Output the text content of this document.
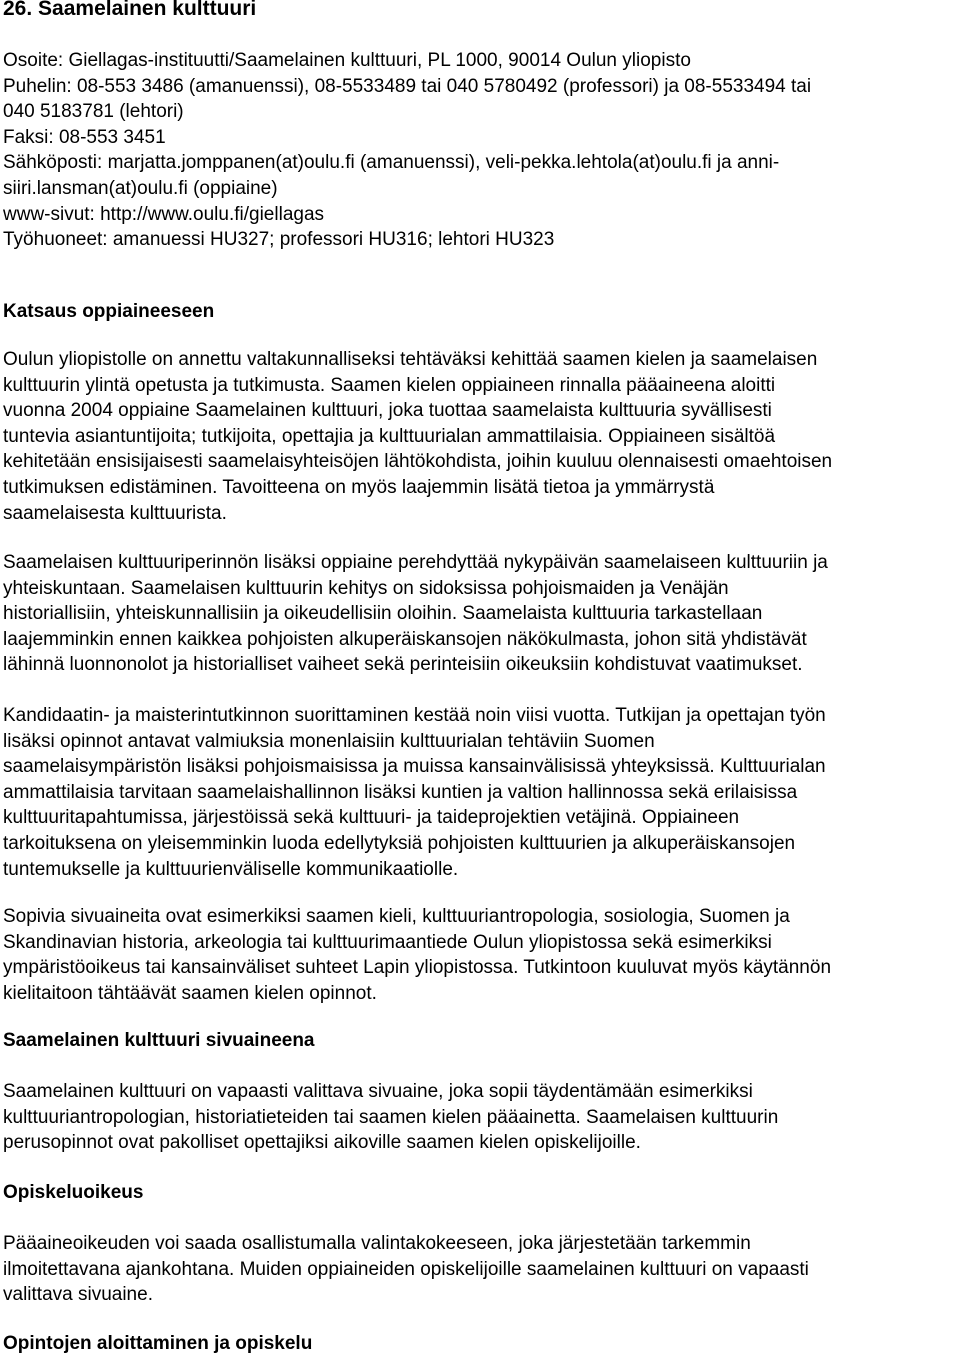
26. Saamelainen kulttuuri
Osoite: Giellagas-instituutti/Saamelainen kulttuuri, PL 1000, 90014 Oulun yliopisto
Puhelin: 08-553 3486 (amanuenssi), 08-5533489 tai 040 5780492 (professori) ja 08-5533494 tai
040 5183781 (lehtori)
Faksi: 08-553 3451
Sähköposti: marjatta.jomppanen(at)oulu.fi (amanuenssi), veli-pekka.lehtola(at)oulu.fi ja anni-
siiri.lansman(at)oulu.fi (oppiaine)
www-sivut: http://www.oulu.fi/giellagas
Työhuoneet: amanuessi HU327; professori HU316; lehtori HU323
Katsaus oppiaineeseen

Oulun yliopistolle on annettu valtakunnalliseksi tehtäväksi kehittää saamen kielen ja saamelaisen
kulttuurin ylintä opetusta ja tutkimusta. Saamen kielen oppiaineen rinnalla pääaineena aloitti
vuonna 2004 oppiaine Saamelainen kulttuuri, joka tuottaa saamelaista kulttuuria syvällisesti
tuntevia asiantuntijoita; tutkijoita, opettajia ja kulttuurialan ammattilaisia. Oppiaineen sisältöä
kehitetään ensisijaisesti saamelaisyhteisöjen lähtökohdista, joihin kuuluu olennaisesti omaehtoisen
tutkimuksen edistäminen. Tavoitteena on myös laajemmin lisätä tietoa ja ymmärrystä
saamelaisesta kulttuurista.

Saamelaisen kulttuuriperinnön lisäksi oppiaine perehdyttää nykypäivän saamelaiseen kulttuuriin ja
yhteiskuntaan. Saamelaisen kulttuurin kehitys on sidoksissa pohjoismaiden ja Venäjän
historiallisiin, yhteiskunnallisiin ja oikeudellisiin oloihin. Saamelaista kulttuuria tarkastellaan
laajemminkin ennen kaikkea pohjoisten alkuperäiskansojen näkökulmasta, johon sitä yhdistävät
lähinnä luonnonolot ja historialliset vaiheet sekä perinteisiin oikeuksiin kohdistuvat vaatimukset.

Kandidaatin- ja maisterintutkinnon suorittaminen kestää noin viisi vuotta. Tutkijan ja opettajan työn
lisäksi opinnot antavat valmiuksia monenlaisiin kulttuurialan tehtäviin Suomen
saamelaisympäristön lisäksi pohjoismaisissa ja muissa kansainvälisissä yhteyksissä. Kulttuurialan
ammattilaisia tarvitaan saamelaishallinnon lisäksi kuntien ja valtion hallinnossa sekä erilaisissa
kulttuuritapahtumissa, järjestöissä sekä kulttuuri- ja taideprojektien vetäjinä. Oppiaineen
tarkoituksena on yleisemminkin luoda edellytyksiä pohjoisten kulttuurien ja alkuperäiskansojen
tuntemukselle ja kulttuurienväliselle kommunikaatiolle.

Sopivia sivuaineita ovat esimerkiksi saamen kieli, kulttuuriantropologia, sosiologia, Suomen ja
Skandinavian historia, arkeologia tai kulttuurimaantiede Oulun yliopistossa sekä esimerkiksi
ympäristöoikeus tai kansainväliset suhteet Lapin yliopistossa. Tutkintoon kuuluvat myös käytännön
kielitaitoon tähtäävät saamen kielen opinnot.

Saamelainen kulttuuri sivuaineena

Saamelainen kulttuuri on vapaasti valittava sivuaine, joka sopii täydentämään esimerkiksi
kulttuuriantropologian, historiatieteiden tai saamen kielen pääainetta. Saamelaisen kulttuurin
perusopinnot ovat pakolliset opettajiksi aikoville saamen kielen opiskelijoille.

Opiskeluoikeus

Pääaineoikeuden voi saada osallistumalla valintakokeeseen, joka järjestetään tarkemmin
ilmoitettavana ajankohtana. Muiden oppiaineiden opiskelijoille saamelainen kulttuuri on vapaasti
valittava sivuaine.

Opintojen aloittaminen ja opiskelu
